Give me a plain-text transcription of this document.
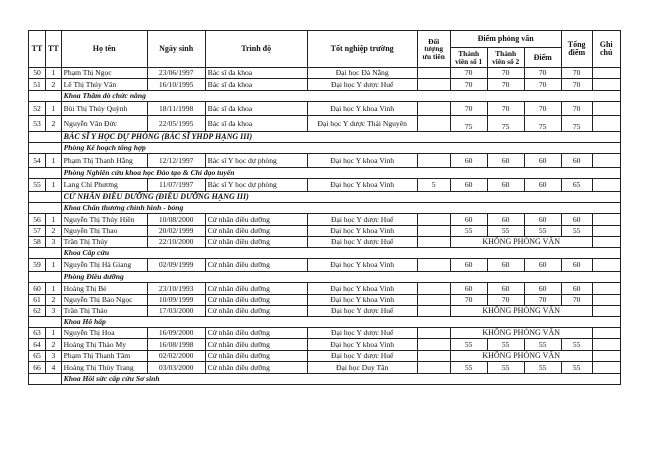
TT	TT	Họ tên	Ngày sinh	Trình độ	Tốt nghiệp trường	Đối tượng ưu tiên	Điểm phỏng vấn			Tổng điểm	Ghi chú
							Thành viên số 1	Thành viên số 2	Điểm		
50	1	Phạm Thị Ngọc	23/06/1997	Bác sĩ đa khoa	Đại học Đà Nẵng		70	70	70	70	
51	2	Lê Thị Thúy Vân	16/10/1995	Bác sĩ đa khoa	Đại học Y dược Huế		70	70	70	70	
		Khoa Thăm dò chức năng									
52	1	Bùi Thị Thúy Quỳnh	18/11/1998	Bác sĩ đa khoa	Đại học Y khoa Vinh		70	70	70	70	
53	2	Nguyễn Văn Đức	22/05/1995	Bác sĩ đa khoa	Đại học Y dược Thái Nguyên		75	75	75	75	
		BÁC SĨ Y HỌC DỰ PHÒNG (BÁC SĨ YHDP HẠNG III)									
		Phòng Kế hoạch tổng hợp									
54	1	Phạm Thị Thanh Hằng	12/12/1997	Bác sĩ Y học dự phòng	Đại học Y khoa Vinh		60	60	60	60	
		Phòng Nghiên cứu khoa học Đào tạo & Chỉ đạo tuyến									
55	1	Lang Chí Phương	11/07/1997	Bác sĩ Y học dự phòng	Đại học Y khoa Vinh	5	60	60	60	65	
		CỬ NHÂN ĐIỀU DƯỠNG (ĐIỀU DƯỠNG HẠNG III)									
		Khoa Chấn thương chỉnh hình - bỏng									
56	1	Nguyễn Thị Thúy Hiền	10/08/2000	Cử nhân điều dưỡng	Đại học Y dược Huế		60	60	60	60	
57	2	Nguyễn Thị Thao	20/02/1999	Cử nhân điều dưỡng	Đại học Y khoa Vinh		55	55	55	55	
58	3	Trần Thị Thúy	22/10/2000	Cử nhân điều dưỡng	Đại học Y dược Huế		KHÔNG PHỎNG VẤN				
		Khoa Cấp cứu									
59	1	Nguyễn Thị Hà Giang	02/09/1999	Cử nhân điều dưỡng	Đại học Y khoa Vinh		60	60	60	60	
		Phòng Điều dưỡng									
60	1	Hoàng Thị Bé	23/10/1993	Cử nhân điều dưỡng	Đại học Y khoa Vinh		60	60	60	60	
61	2	Nguyễn Thị Bảo Ngọc	10/09/1999	Cử nhân điều dưỡng	Đại học Y khoa Vinh		70	70	70	70	
62	3	Trần Thị Thảo	17/03/2000	Cử nhân điều dưỡng	Đại học Y dược Huế		KHÔNG PHỎNG VẤN				
		Khoa Hô hấp									
63	1	Nguyễn Thị Hoa	16/09/2000	Cử nhân điều dưỡng	Đại học Y dược Huế		KHÔNG PHỎNG VẤN				
64	2	Hoàng Thị Thảo My	16/08/1998	Cử nhân điều dưỡng	Đại học Y khoa Vinh		55	55	55	55	
65	3	Phạm Thị Thanh Tâm	02/02/2000	Cử nhân điều dưỡng	Đại học Y dược Huế		KHÔNG PHỎNG VẤN				
66	4	Hoàng Thị Thùy Trang	03/03/2000	Cử nhân điều dưỡng	Đại học Duy Tân		55	55	55	55	
		Khoa Hồi sức cấp cứu Sơ sinh									
